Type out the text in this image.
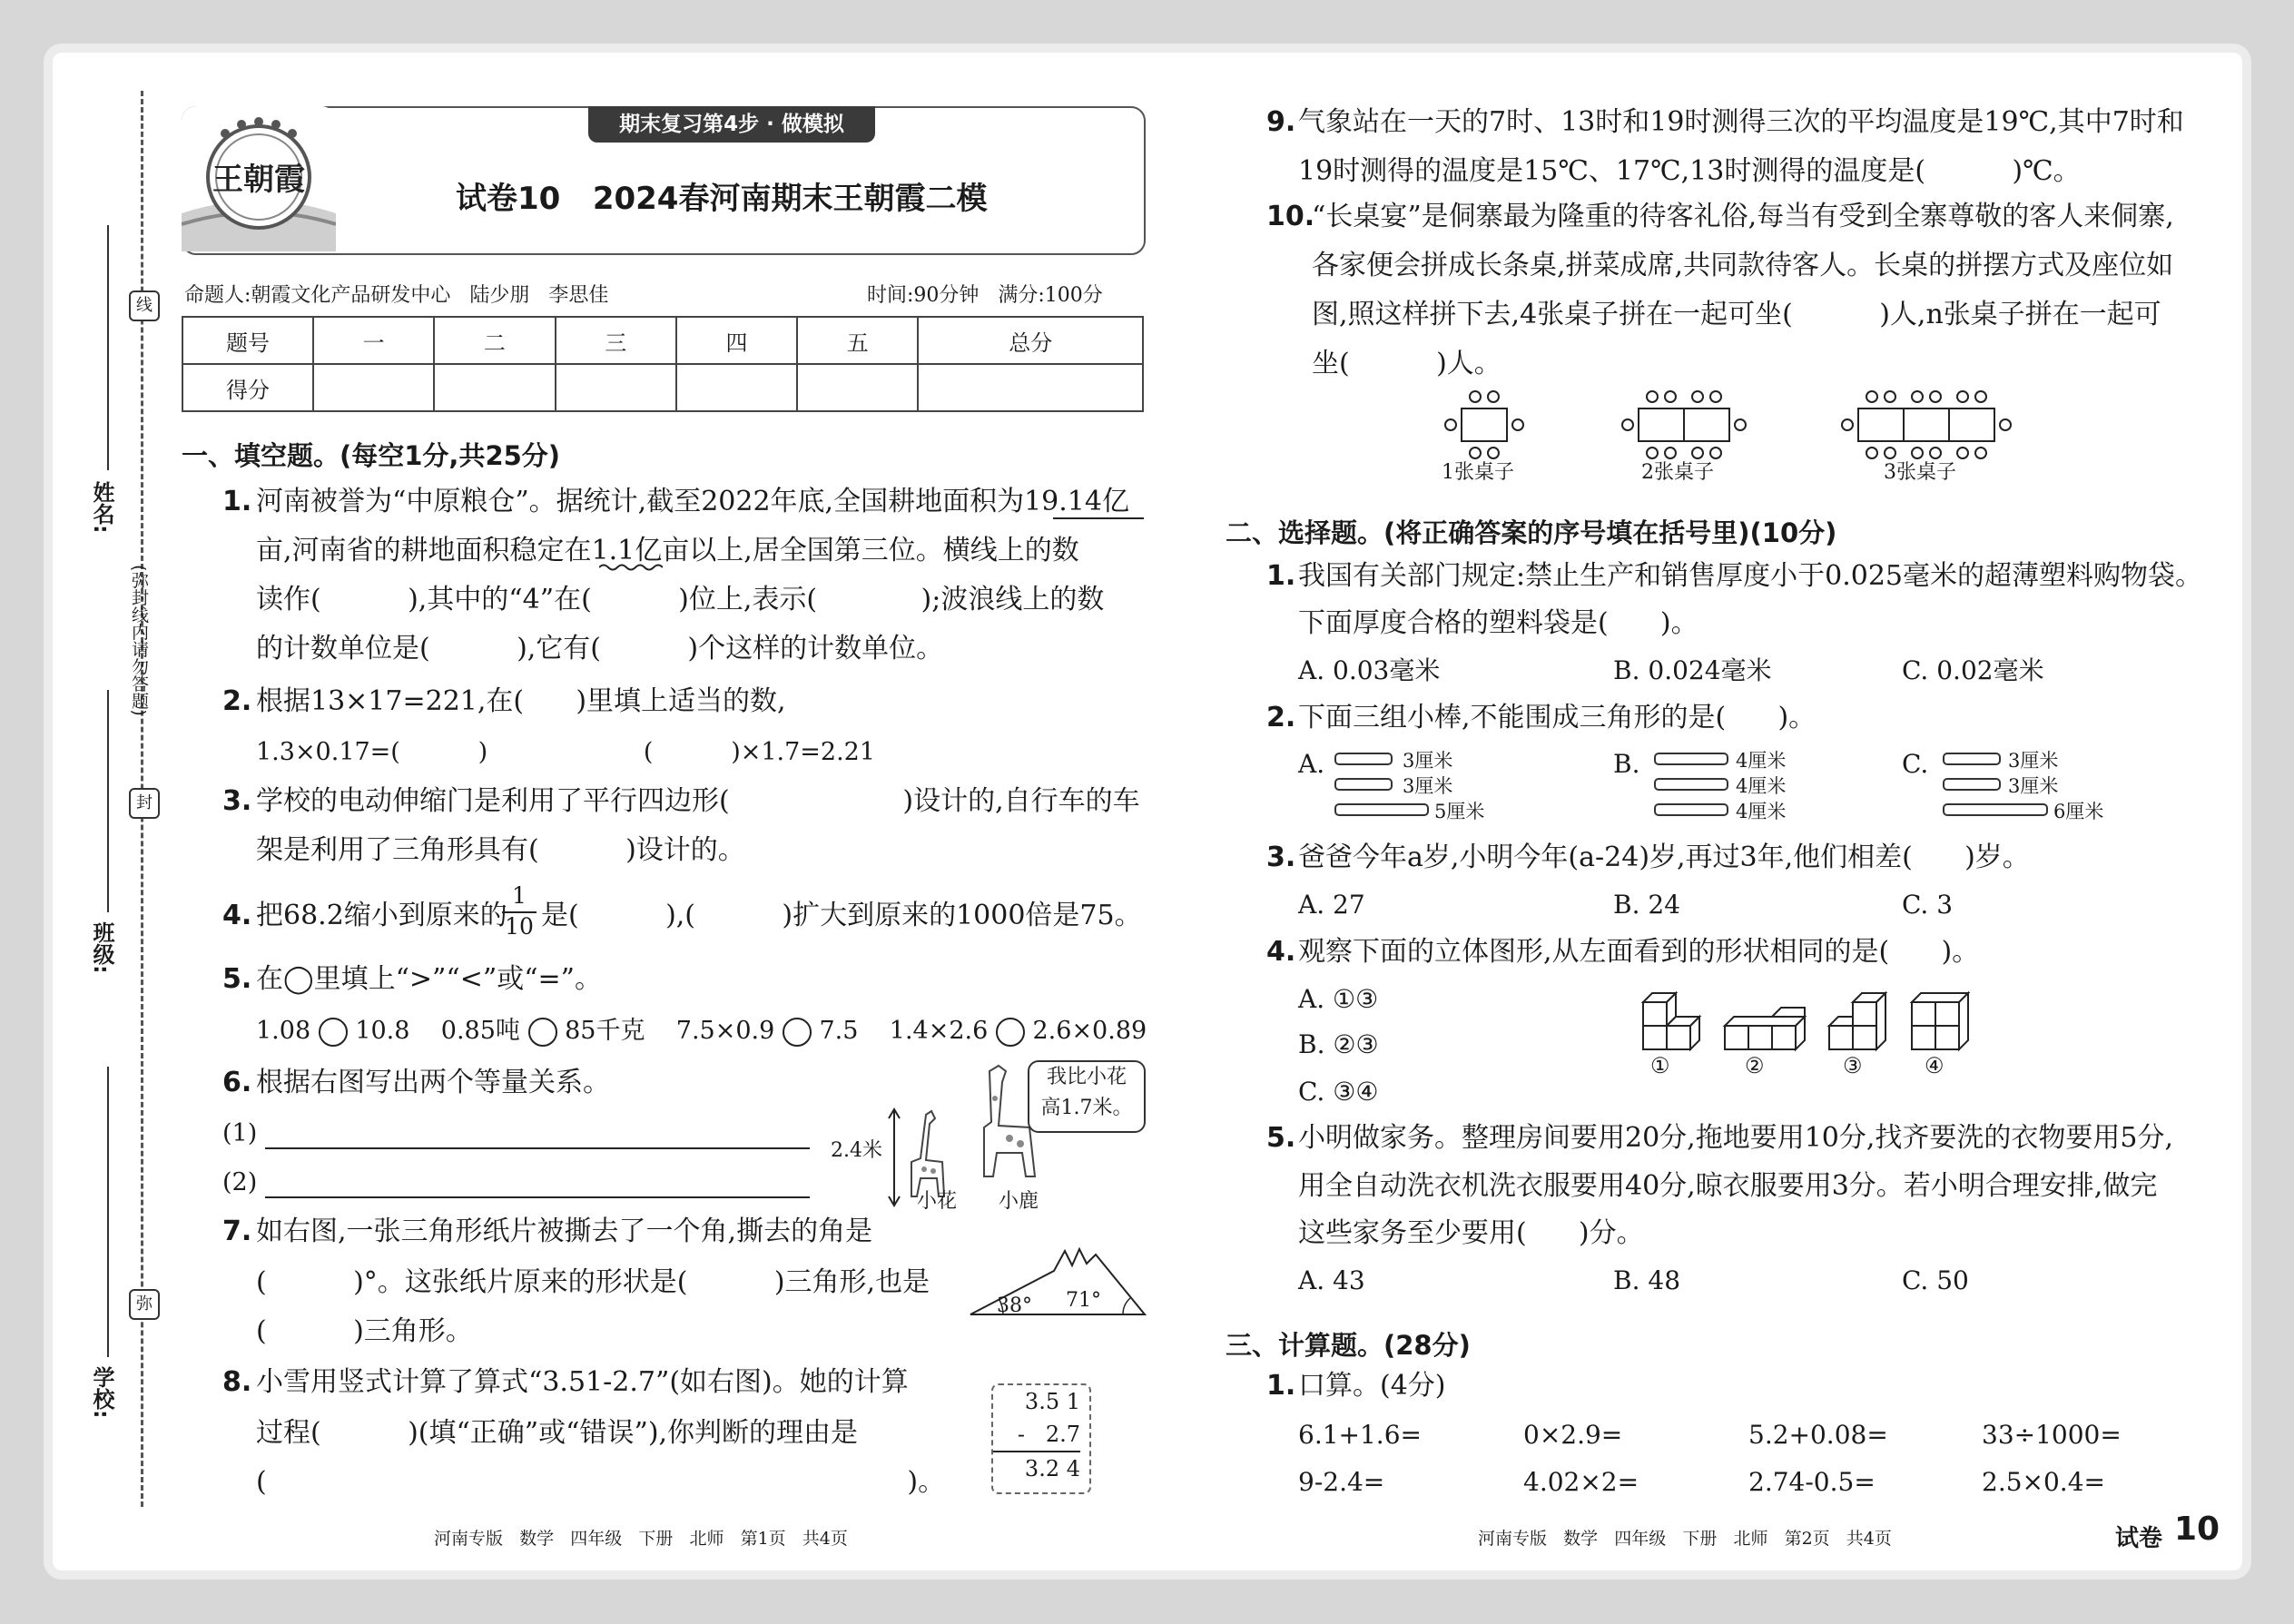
线
封
弥
(弥封线内请勿答题)
姓名:
班级:
学校:
王朝霞
期末复习第4步 · 做模拟
试卷10   2024春河南期末王朝霞二模
命题人:朝霞文化产品研发中心   陆少朋   李思佳	时间:90分钟   满分:100分
题号	一	二	三	四	五	总分
得分						
一、填空题。(每空1分,共25分)
1. 河南被誉为“中原粮仓”。据统计,截至2022年底,全国耕地面积为19.14亿
亩,河南省的耕地面积稳定在1.1亿亩以上,居全国第三位。横线上的数
读作(          ),其中的“4”在(          )位上,表示(            );波浪线上的数
的计数单位是(          ),它有(          )个这样的计数单位。
2. 根据13×17=221,在(      )里填上适当的数,
1.3×0.17=(          )                    (          )×1.7=2.21
3. 学校的电动伸缩门是利用了平行四边形(                    )设计的,自行车的车
架是利用了三角形具有(          )设计的。
4. 把68.2缩小到原来的
1
10 是(          ),(          )扩大到原来的1000倍是75。
5. 在◯里填上“>”“<”或“=”。
1.08 10.8 0.85吨 85千克 7.5×0.9 7.5 1.4×2.6 2.6×0.89
6. 根据右图写出两个等量关系。
(1)
(2)
2.4米
小花 小鹿
我比小花
高1.7米。
7. 如右图,一张三角形纸片被撕去了一个角,撕去的角是
(          )°。这张纸片原来的形状是(          )三角形,也是
(          )三角形。
38° 71°
8. 小雪用竖式计算了算式“3.51-2.7”(如右图)。她的计算
过程(          )(填“正确”或“错误”),你判断的理由是
(                                                                          )。
3.5 1
-   2.7
3.2 4
河南专版   数学   四年级   下册   北师   第1页   共4页
9. 气象站在一天的7时、13时和19时测得三次的平均温度是19℃,其中7时和
19时测得的温度是15℃、17℃,13时测得的温度是(          )℃。
10.
“长桌宴”是侗寨最为隆重的待客礼俗,每当有受到全寨尊敬的客人来侗寨,
各家便会拼成长条桌,拼菜成席,共同款待客人。长桌的拼摆方式及座位如
图,照这样拼下去,4张桌子拼在一起可坐(          )人,n张桌子拼在一起可
坐(          )人。
1张桌子	2张桌子	3张桌子
二、选择题。(将正确答案的序号填在括号里)(10分)
1. 我国有关部门规定:禁止生产和销售厚度小于0.025毫米的超薄塑料购物袋。
下面厚度合格的塑料袋是(      )。
A. 0.03毫米	B. 0.024毫米	C. 0.02毫米
2. 下面三组小棒,不能围成三角形的是(      )。
A.	3厘米
3厘米
5厘米
B.	4厘米
4厘米
4厘米
C.	3厘米
3厘米
6厘米
3. 爸爸今年a岁,小明今年(a-24)岁,再过3年,他们相差(      )岁。
A. 27	B. 24	C. 3
4. 观察下面的立体图形,从左面看到的形状相同的是(      )。
A. ①③
B. ②③
C. ③④
①	②	③	④
5. 小明做家务。整理房间要用20分,拖地要用10分,找齐要洗的衣物要用5分,
用全自动洗衣机洗衣服要用40分,晾衣服要用3分。若小明合理安排,做完
这些家务至少要用(      )分。
A. 43	B. 48	C. 50
三、计算题。(28分)
1. 口算。(4分)
6.1+1.6=	0×2.9=	5.2+0.08=	33÷1000=
9-2.4=	4.02×2=	2.74-0.5=	2.5×0.4=
河南专版   数学   四年级   下册   北师   第2页   共4页	试卷 10
